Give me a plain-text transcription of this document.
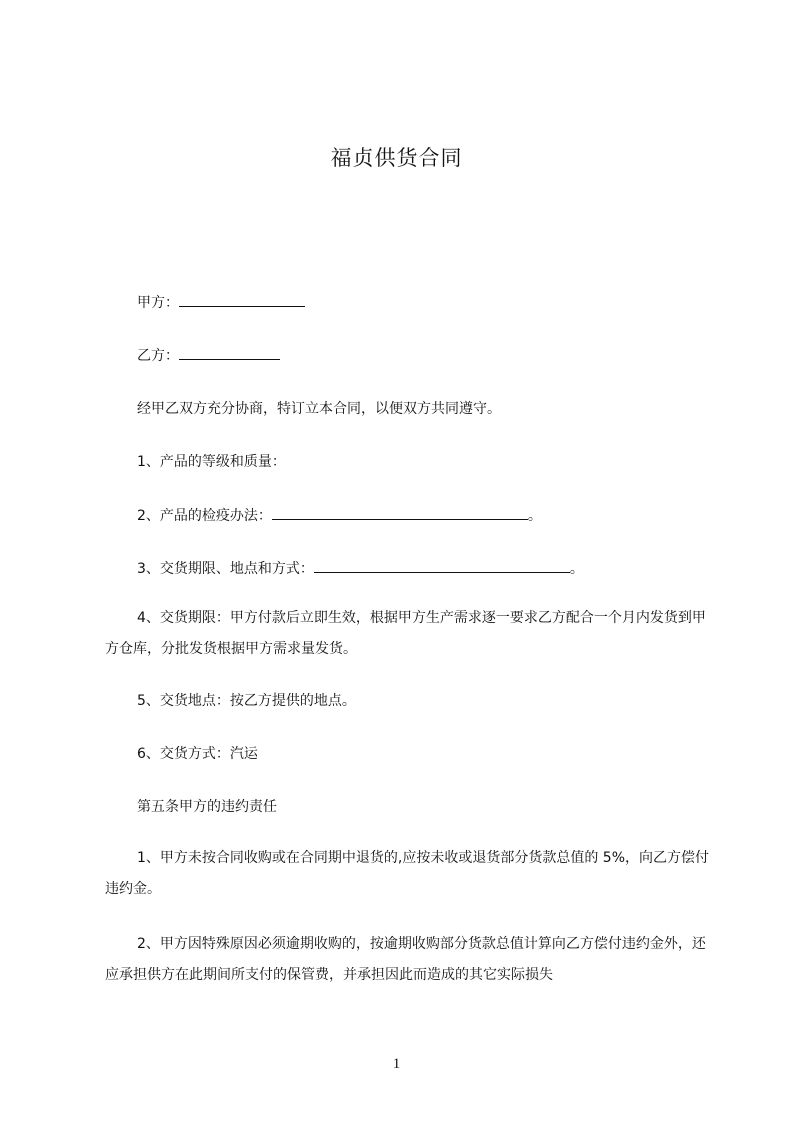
福贞供货合同
甲方：
乙方：
经甲乙双方充分协商，特订立本合同，以便双方共同遵守。
1、产品的等级和质量：
2、产品的检疫办法：	。
3、交货期限、地点和方式：	。
4、交货期限：甲方付款后立即生效，根据甲方生产需求逐一要求乙方配合一个月内发货到甲方仓库，分批发货根据甲方需求量发货。
5、交货地点：按乙方提供的地点。
6、交货方式：汽运
第五条甲方的违约责任
1、甲方未按合同收购或在合同期中退货的,应按未收或退货部分货款总值的 5%，向乙方偿付违约金。
2、甲方因特殊原因必须逾期收购的，按逾期收购部分货款总值计算向乙方偿付违约金外，还应承担供方在此期间所支付的保管费，并承担因此而造成的其它实际损失
1
